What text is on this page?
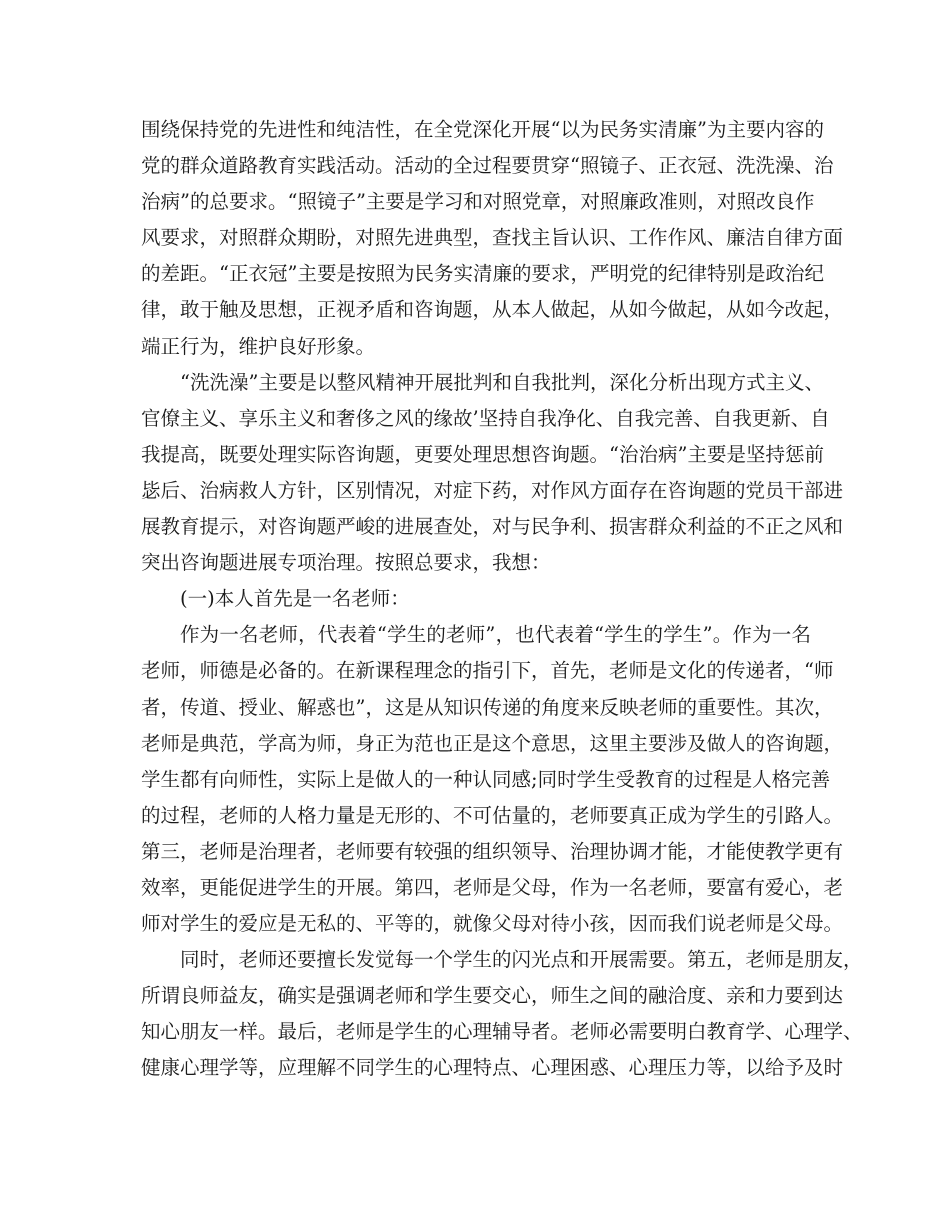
围绕保持党的先进性和纯洁性，在全党深化开展“以为民务实清廉”为主要内容的
党的群众道路教育实践活动。活动的全过程要贯穿“照镜子、正衣冠、洗洗澡、治
治病”的总要求。“照镜子”主要是学习和对照党章，对照廉政准则，对照改良作
风要求，对照群众期盼，对照先进典型，查找主旨认识、工作作风、廉洁自律方面
的差距。“正衣冠”主要是按照为民务实清廉的要求，严明党的纪律特别是政治纪
律，敢于触及思想，正视矛盾和咨询题，从本人做起，从如今做起，从如今改起，
端正行为，维护良好形象。
“洗洗澡”主要是以整风精神开展批判和自我批判，深化分析出现方式主义、
官僚主义、享乐主义和奢侈之风的缘故’坚持自我净化、自我完善、自我更新、自
我提高，既要处理实际咨询题，更要处理思想咨询题。“治治病”主要是坚持惩前
毖后、治病救人方针，区别情况，对症下药，对作风方面存在咨询题的党员干部进
展教育提示，对咨询题严峻的进展查处，对与民争利、损害群众利益的不正之风和
突出咨询题进展专项治理。按照总要求，我想：
(一)本人首先是一名老师：
作为一名老师，代表着“学生的老师”，也代表着“学生的学生”。作为一名
老师，师德是必备的。在新课程理念的指引下，首先，老师是文化的传递者，“师
者，传道、授业、解惑也”，这是从知识传递的角度来反映老师的重要性。其次，
老师是典范，学高为师，身正为范也正是这个意思，这里主要涉及做人的咨询题，
学生都有向师性，实际上是做人的一种认同感;同时学生受教育的过程是人格完善
的过程，老师的人格力量是无形的、不可估量的，老师要真正成为学生的引路人。
第三，老师是治理者，老师要有较强的组织领导、治理协调才能，才能使教学更有
效率，更能促进学生的开展。第四，老师是父母，作为一名老师，要富有爱心，老
师对学生的爱应是无私的、平等的，就像父母对待小孩，因而我们说老师是父母。
同时，老师还要擅长发觉每一个学生的闪光点和开展需要。第五，老师是朋友，
所谓良师益友，确实是强调老师和学生要交心，师生之间的融洽度、亲和力要到达
知心朋友一样。最后，老师是学生的心理辅导者。老师必需要明白教育学、心理学、
健康心理学等，应理解不同学生的心理特点、心理困惑、心理压力等，以给予及时
